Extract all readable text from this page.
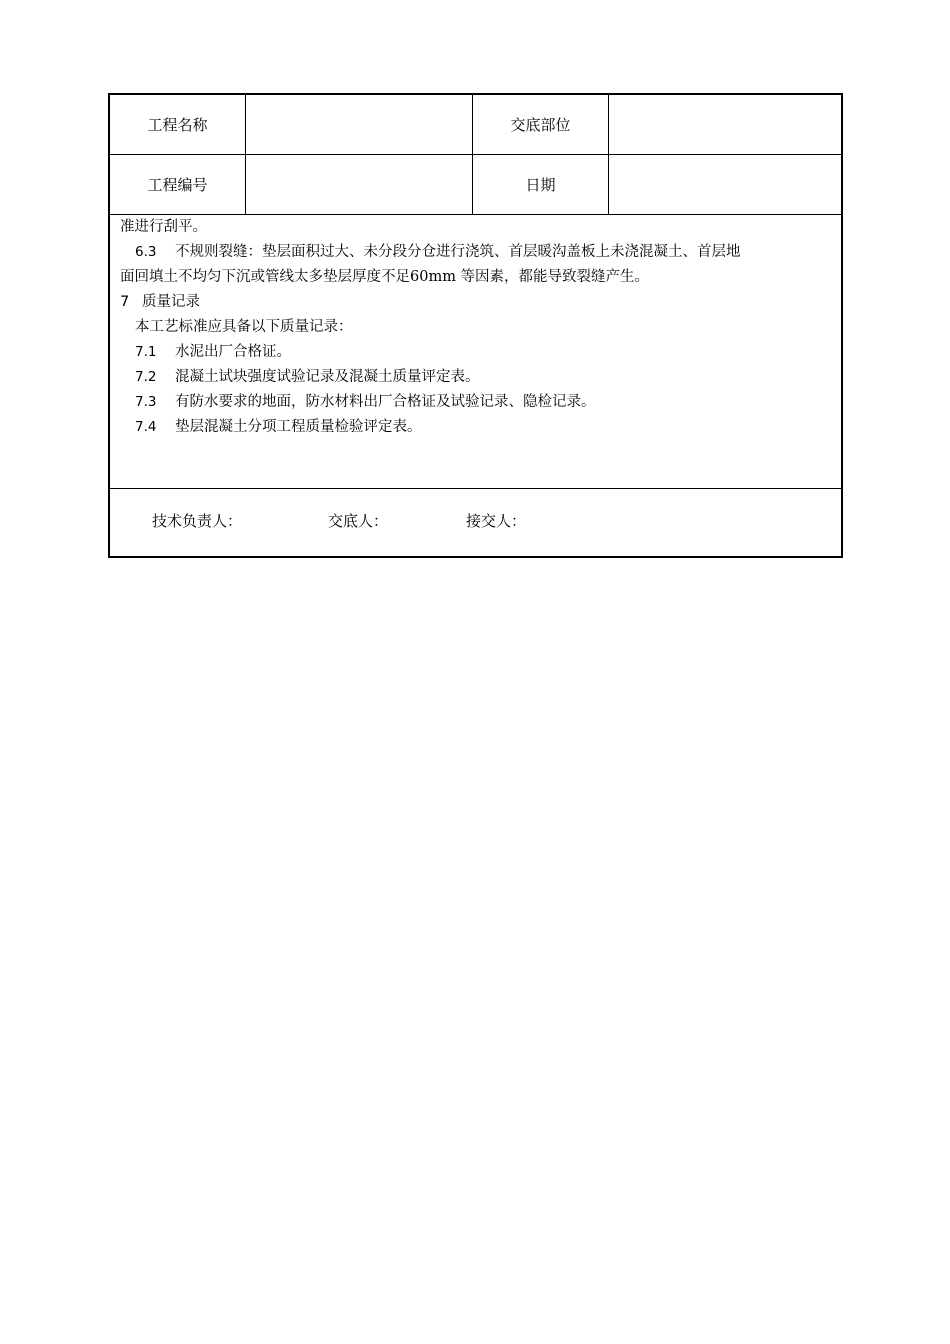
工程名称	交底部位
工程编号	日期

准进行刮平。

6.3 不规则裂缝：垫层面积过大、未分段分仓进行浇筑、首层暖沟盖板上未浇混凝土、首层地

面回填土不均匀下沉或管线太多垫层厚度不足60mm 等因素，都能导致裂缝产生。

7 质量记录

本工艺标准应具备以下质量记录：

7.1 水泥出厂合格证。

7.2 混凝土试块强度试验记录及混凝土质量评定表。

7.3 有防水要求的地面，防水材料出厂合格证及试验记录、隐检记录。

7.4 垫层混凝土分项工程质量检验评定表。

技术负责人：	交底人：	接交人：
